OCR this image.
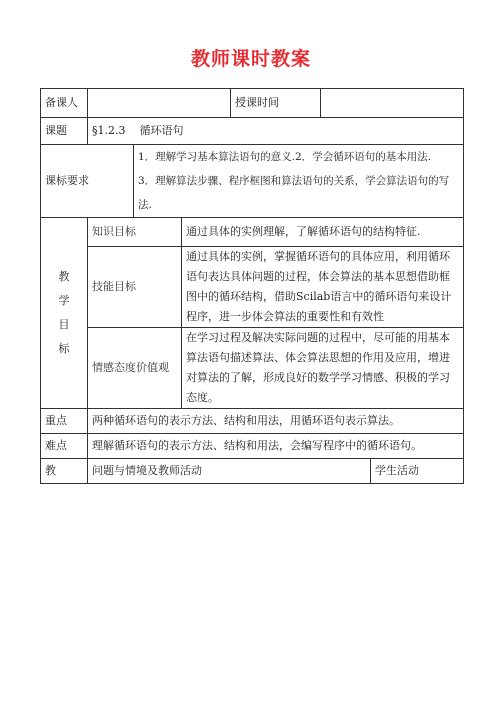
教师课时教案
备课人				授课时间		
课题	§1.2.3 循环语句					
课标要求		1．理解学习基本算法语句的意义.2．学会循环语句的基本用法.
3．理解算法步骤、程序框图和算法语句的关系，学会算法语句的写法.				

教
学
目
标	知识目标		通过具体的实例理解，了解循环语句的结构特征.			
	技能目标		通过具体的实例，掌握循环语句的具体应用，利用循环语句表达具体问题的过程，体会算法的基本思想借助框图中的循环结构，借助Scilab语言中的循环语句来设计程序，进一步体会算法的重要性和有效性			
	情感态度价值观		在学习过程及解决实际问题的过程中，尽可能的用基本算法语句描述算法、体会算法思想的作用及应用，增进对算法的了解，形成良好的数学学习情感、积极的学习态度。			
重点	两种循环语句的表示方法、结构和用法，用循环语句表示算法。					
难点	理解循环语句的表示方法、结构和用法，会编写程序中的循环语句。					
教	问题与情境及教师活动					学生活动
